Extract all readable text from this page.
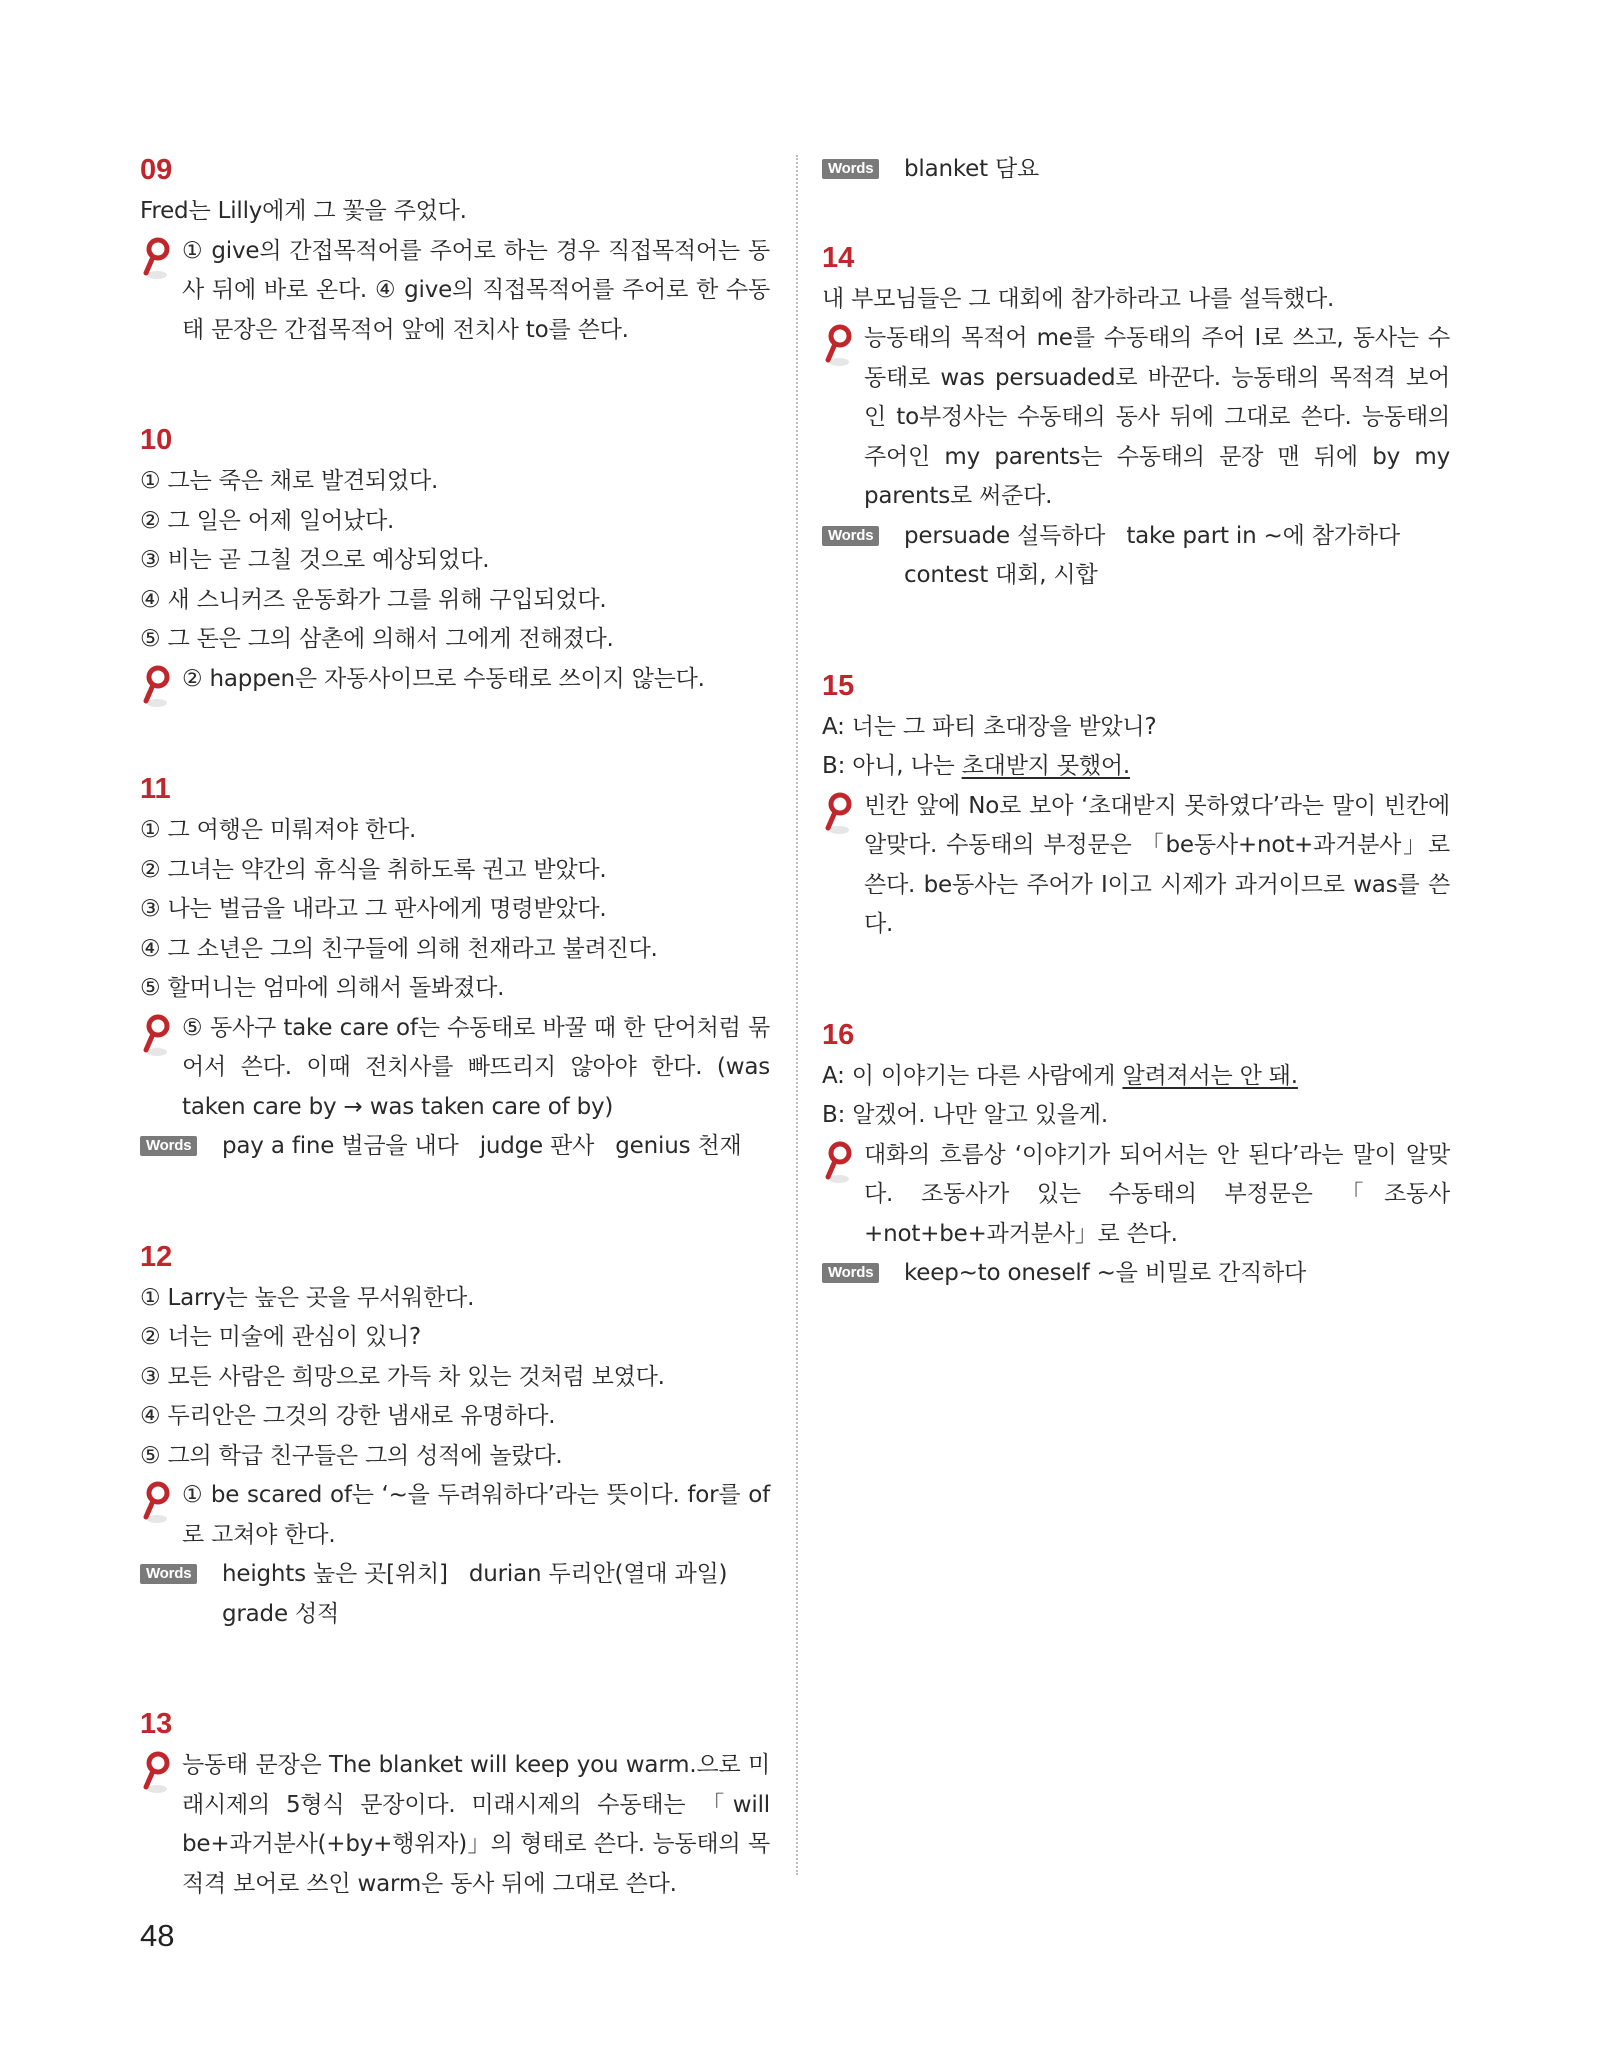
09
Fred는 Lilly에게 그 꽃을 주었다.
① give의 간접목적어를 주어로 하는 경우 직접목적어는 동사 뒤에 바로 온다. ④ give의 직접목적어를 주어로 한 수동태 문장은 간접목적어 앞에 전치사 to를 쓴다.
10
① 그는 죽은 채로 발견되었다.
② 그 일은 어제 일어났다.
③ 비는 곧 그칠 것으로 예상되었다.
④ 새 스니커즈 운동화가 그를 위해 구입되었다.
⑤ 그 돈은 그의 삼촌에 의해서 그에게 전해졌다.
② happen은 자동사이므로 수동태로 쓰이지 않는다.
11
① 그 여행은 미뤄져야 한다.
② 그녀는 약간의 휴식을 취하도록 권고 받았다.
③ 나는 벌금을 내라고 그 판사에게 명령받았다.
④ 그 소년은 그의 친구들에 의해 천재라고 불려진다.
⑤ 할머니는 엄마에 의해서 돌봐졌다.
⑤ 동사구 take care of는 수동태로 바꿀 때 한 단어처럼 묶어서 쓴다. 이때 전치사를 빠뜨리지 않아야 한다. (was taken care by → was taken care of by)
Words pay a fine 벌금을 내다 judge 판사 genius 천재
12
① Larry는 높은 곳을 무서워한다.
② 너는 미술에 관심이 있니?
③ 모든 사람은 희망으로 가득 차 있는 것처럼 보였다.
④ 두리안은 그것의 강한 냄새로 유명하다.
⑤ 그의 학급 친구들은 그의 성적에 놀랐다.
① be scared of는 ‘~을 두려워하다’라는 뜻이다. for를 of로 고쳐야 한다.
Words heights 높은 곳[위치] durian 두리안(열대 과일) grade 성적
13
능동태 문장은 The blanket will keep you warm.으로 미래시제의 5형식 문장이다. 미래시제의 수동태는 「will be+과거분사(+by+행위자)」의 형태로 쓴다. 능동태의 목적격 보어로 쓰인 warm은 동사 뒤에 그대로 쓴다.
Words blanket 담요
14
내 부모님들은 그 대회에 참가하라고 나를 설득했다.
능동태의 목적어 me를 수동태의 주어 I로 쓰고, 동사는 수동태로 was persuaded로 바꾼다. 능동태의 목적격 보어인 to부정사는 수동태의 동사 뒤에 그대로 쓴다. 능동태의 주어인 my parents는 수동태의 문장 맨 뒤에 by my parents로 써준다.
Words persuade 설득하다 take part in ~에 참가하다 contest 대회, 시합
15
A: 너는 그 파티 초대장을 받았니?
B: 아니, 나는 초대받지 못했어.
빈칸 앞에 No로 보아 ‘초대받지 못하였다’라는 말이 빈칸에 알맞다. 수동태의 부정문은 「be동사+not+과거분사」로 쓴다. be동사는 주어가 I이고 시제가 과거이므로 was를 쓴다.
16
A: 이 이야기는 다른 사람에게 알려져서는 안 돼.
B: 알겠어. 나만 알고 있을게.
대화의 흐름상 ‘이야기가 되어서는 안 된다’라는 말이 알맞다. 조동사가 있는 수동태의 부정문은 「조동사+not+be+과거분사」로 쓴다.
Words keep~to oneself ~을 비밀로 간직하다
48
